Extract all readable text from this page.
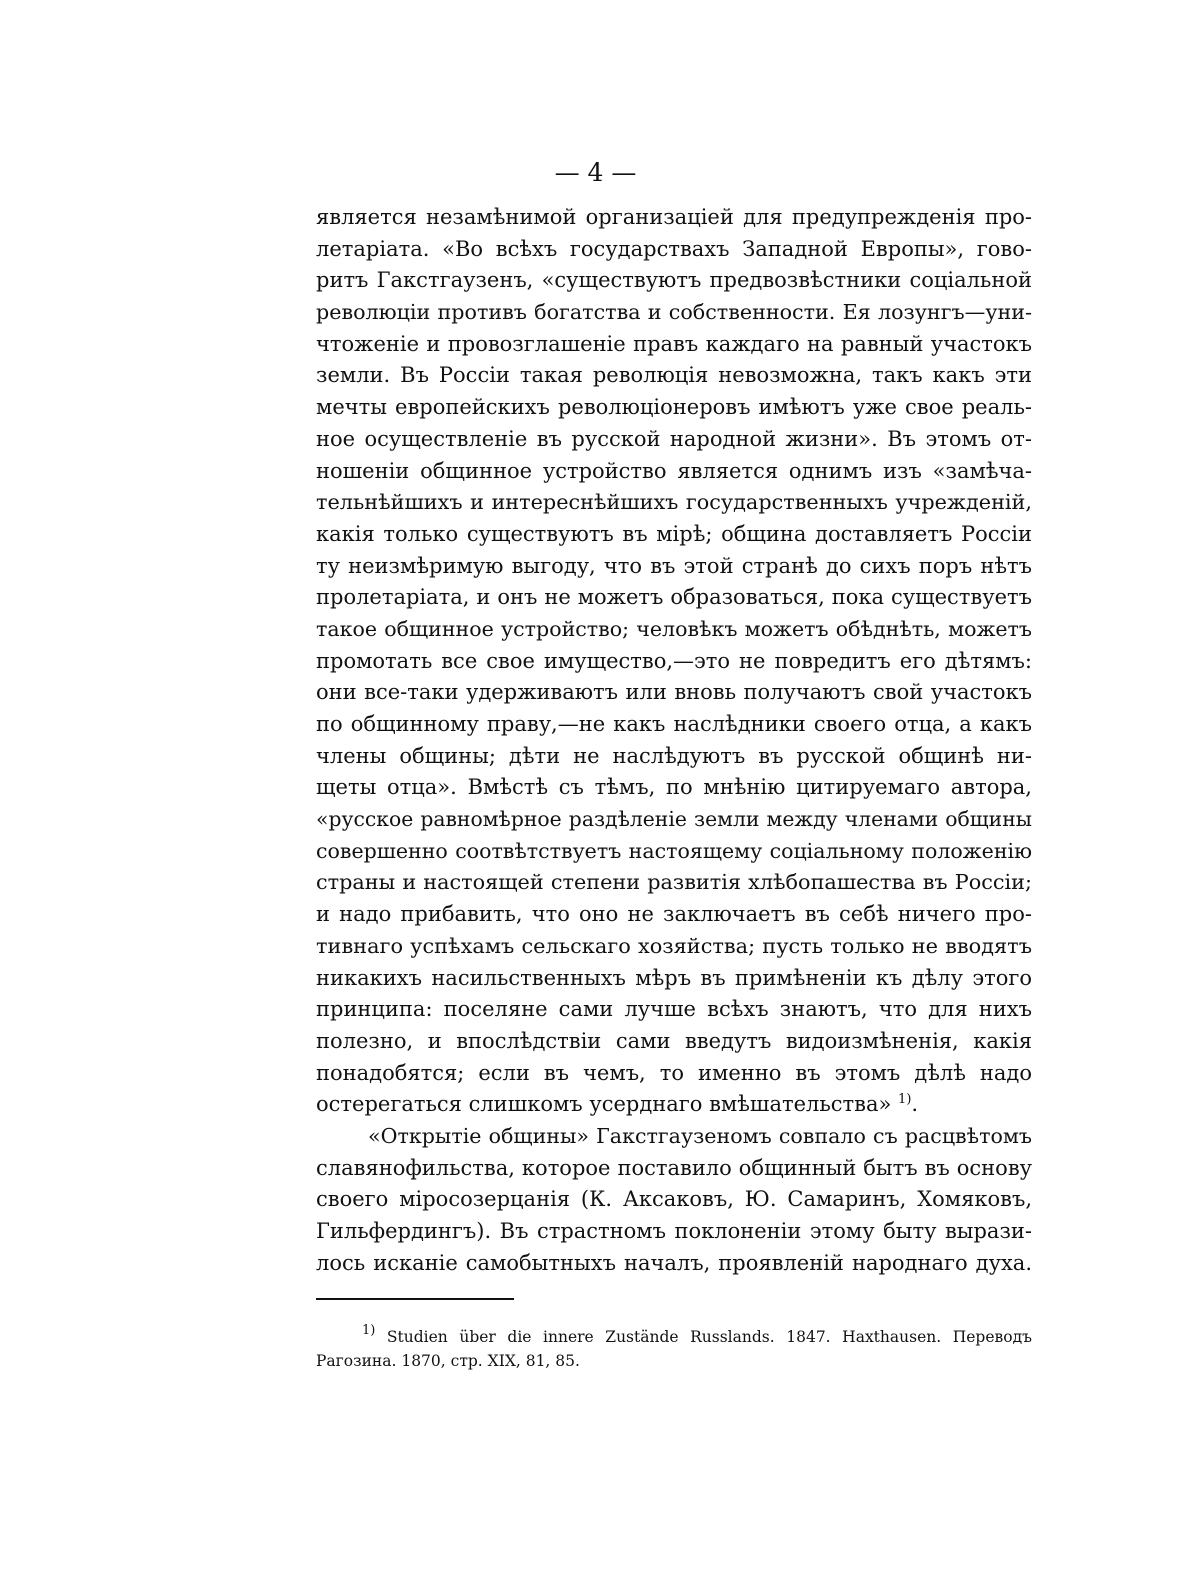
— 4 —
является незамѣнимой организаціей для предупрежденія про-
летаріата. «Во всѣхъ государствахъ Западной Европы», гово-
ритъ Гакстгаузенъ, «существуютъ предвозвѣстники соціальной
революціи противъ богатства и собственности. Ея лозунгъ—уни-
чтоженіе и провозглашеніе правъ каждаго на равный участокъ
земли. Въ Россіи такая революція невозможна, такъ какъ эти
мечты европейскихъ революціонеровъ имѣютъ уже свое реаль-
ное осуществленіе въ русской народной жизни». Въ этомъ от-
ношеніи общинное устройство является однимъ изъ «замѣча-
тельнѣйшихъ и интереснѣйшихъ государственныхъ учрежденій,
какія только существуютъ въ мірѣ; община доставляетъ Россіи
ту неизмѣримую выгоду, что въ этой странѣ до сихъ поръ нѣтъ
пролетаріата, и онъ не можетъ образоваться, пока существуетъ
такое общинное устройство; человѣкъ можетъ обѣднѣть, можетъ
промотать все свое имущество,—это не повредитъ его дѣтямъ:
они все-таки удерживаютъ или вновь получаютъ свой участокъ
по общинному праву,—не какъ наслѣдники своего отца, а какъ
члены общины; дѣти не наслѣдуютъ въ русской общинѣ ни-
щеты отца». Вмѣстѣ съ тѣмъ, по мнѣнію цитируемаго автора,
«русское равномѣрное раздѣленіе земли между членами общины
совершенно соотвѣтствуетъ настоящему соціальному положенію
страны и настоящей степени развитія хлѣбопашества въ Россіи;
и надо прибавить, что оно не заключаетъ въ себѣ ничего про-
тивнаго успѣхамъ сельскаго хозяйства; пусть только не вводятъ
никакихъ насильственныхъ мѣръ въ примѣненіи къ дѣлу этого
принципа: поселяне сами лучше всѣхъ знаютъ, что для нихъ
полезно, и впослѣдствіи сами введутъ видоизмѣненія, какія
понадобятся; если въ чемъ, то именно въ этомъ дѣлѣ надо
остерегаться слишкомъ усерднаго вмѣшательства» $^{1)}$.
«Открытіе общины» Гакстгаузеномъ совпало съ расцвѣтомъ
славянофильства, которое поставило общинный бытъ въ основу
своего міросозерцанія (К. Аксаковъ, Ю. Самаринъ, Хомяковъ,
Гильфердингъ). Въ страстномъ поклоненіи этому быту вырази-
лось исканіе самобытныхъ началъ, проявленій народнаго духа.
$^{1)}$ Studien über die innere Zustände Russlands. 1847. Haxthausen. Переводъ
Рагозина. 1870, стр. XIX, 81, 85.
